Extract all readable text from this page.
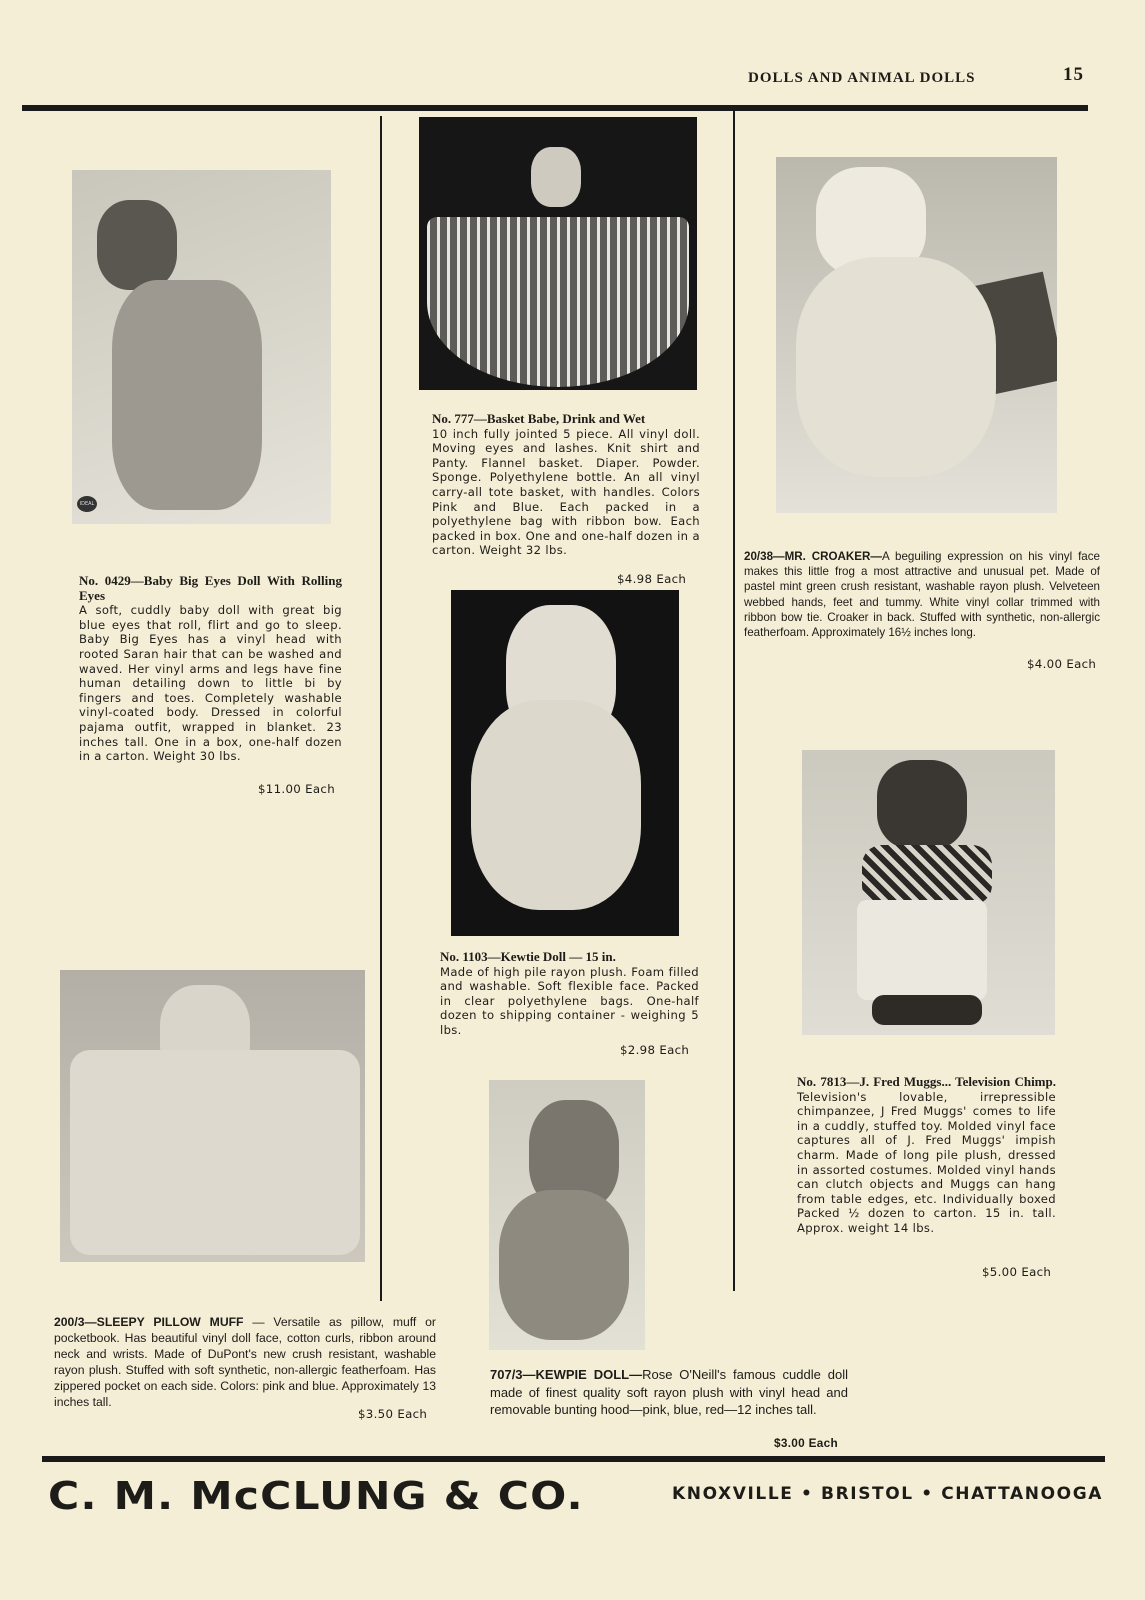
DOLLS AND ANIMAL DOLLS	15
IDEAL
No. 0429—Baby Big Eyes Doll With Rolling Eyes
A soft, cuddly baby doll with great big blue eyes that roll, flirt and go to sleep. Baby Big Eyes has a vinyl head with rooted Saran hair that can be washed and waved. Her vinyl arms and legs have fine human detailing down to little bi by fingers and toes. Completely washable vinyl-coated body. Dressed in colorful pajama outfit, wrapped in blanket. 23 inches tall. One in a box, one-half dozen in a carton. Weight 30 lbs.
$11.00 Each
No. 777—Basket Babe, Drink and Wet
10 inch fully jointed 5 piece. All vinyl doll. Moving eyes and lashes. Knit shirt and Panty. Flannel basket. Diaper. Powder. Sponge. Polyethylene bottle. An all vinyl carry-all tote basket, with handles. Colors Pink and Blue. Each packed in a polyethylene bag with ribbon bow. Each packed in box. One and one-half dozen in a carton. Weight 32 lbs.
$4.98 Each
20/38—MR. CROAKER—A beguiling expression on his vinyl face makes this little frog a most attractive and unusual pet. Made of pastel mint green crush resistant, washable rayon plush. Velveteen webbed hands, feet and tummy. White vinyl collar trimmed with ribbon bow tie. Croaker in back. Stuffed with synthetic, non-allergic featherfoam. Approximately 16½ inches long.
$4.00 Each
No. 1103—Kewtie Doll — 15 in.
Made of high pile rayon plush. Foam filled and washable. Soft flexible face. Packed in clear polyethylene bags. One-half dozen to shipping container - weighing 5 lbs.
$2.98 Each
No. 7813—J. Fred Muggs... Television Chimp. Television's lovable, irrepressible chimpanzee, J Fred Muggs' comes to life in a cuddly, stuffed toy. Molded vinyl face captures all of J. Fred Muggs' impish charm. Made of long pile plush, dressed in assorted costumes. Molded vinyl hands can clutch objects and Muggs can hang from table edges, etc. Individually boxed Packed ½ dozen to carton. 15 in. tall. Approx. weight 14 lbs.
$5.00 Each
200/3—SLEEPY PILLOW MUFF — Versatile as pillow, muff or pocketbook. Has beautiful vinyl doll face, cotton curls, ribbon around neck and wrists. Made of DuPont's new crush resistant, washable rayon plush. Stuffed with soft synthetic, non-allergic featherfoam. Has zippered pocket on each side. Colors: pink and blue. Approximately 13 inches tall.
$3.50 Each
707/3—KEWPIE DOLL—Rose O'Neill's famous cuddle doll made of finest quality soft rayon plush with vinyl head and removable bunting hood—pink, blue, red—12 inches tall.
$3.00 Each
C. M. McCLUNG & CO.	KNOXVILLE • BRISTOL • CHATTANOOGA
